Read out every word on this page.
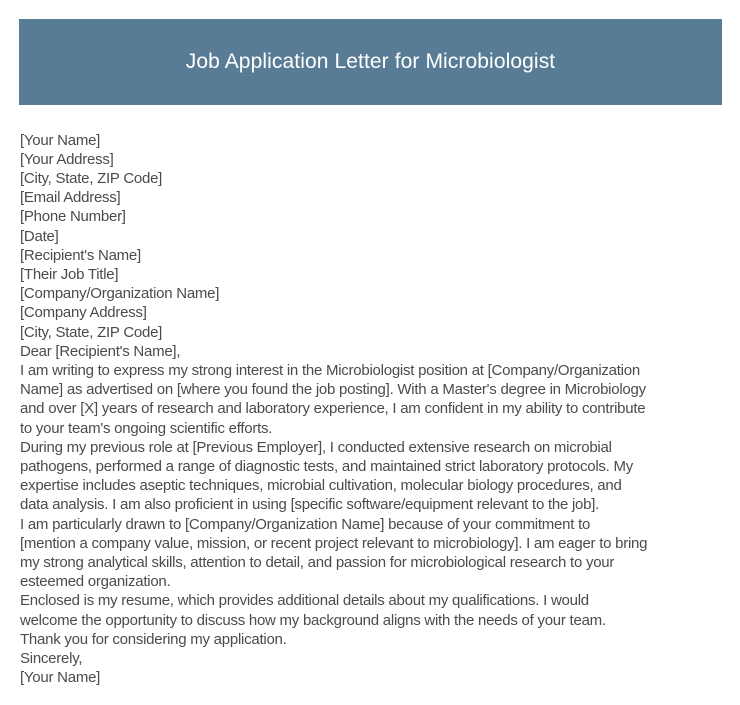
Job Application Letter for Microbiologist
[Your Name]
[Your Address]
[City, State, ZIP Code]
[Email Address]
[Phone Number]
[Date]
[Recipient's Name]
[Their Job Title]
[Company/Organization Name]
[Company Address]
[City, State, ZIP Code]
Dear [Recipient's Name],
I am writing to express my strong interest in the Microbiologist position at [Company/Organization
Name] as advertised on [where you found the job posting]. With a Master's degree in Microbiology
and over [X] years of research and laboratory experience, I am confident in my ability to contribute
to your team's ongoing scientific efforts.
During my previous role at [Previous Employer], I conducted extensive research on microbial
pathogens, performed a range of diagnostic tests, and maintained strict laboratory protocols. My
expertise includes aseptic techniques, microbial cultivation, molecular biology procedures, and
data analysis. I am also proficient in using [specific software/equipment relevant to the job].
I am particularly drawn to [Company/Organization Name] because of your commitment to
[mention a company value, mission, or recent project relevant to microbiology]. I am eager to bring
my strong analytical skills, attention to detail, and passion for microbiological research to your
esteemed organization.
Enclosed is my resume, which provides additional details about my qualifications. I would
welcome the opportunity to discuss how my background aligns with the needs of your team.
Thank you for considering my application.
Sincerely,
[Your Name]
